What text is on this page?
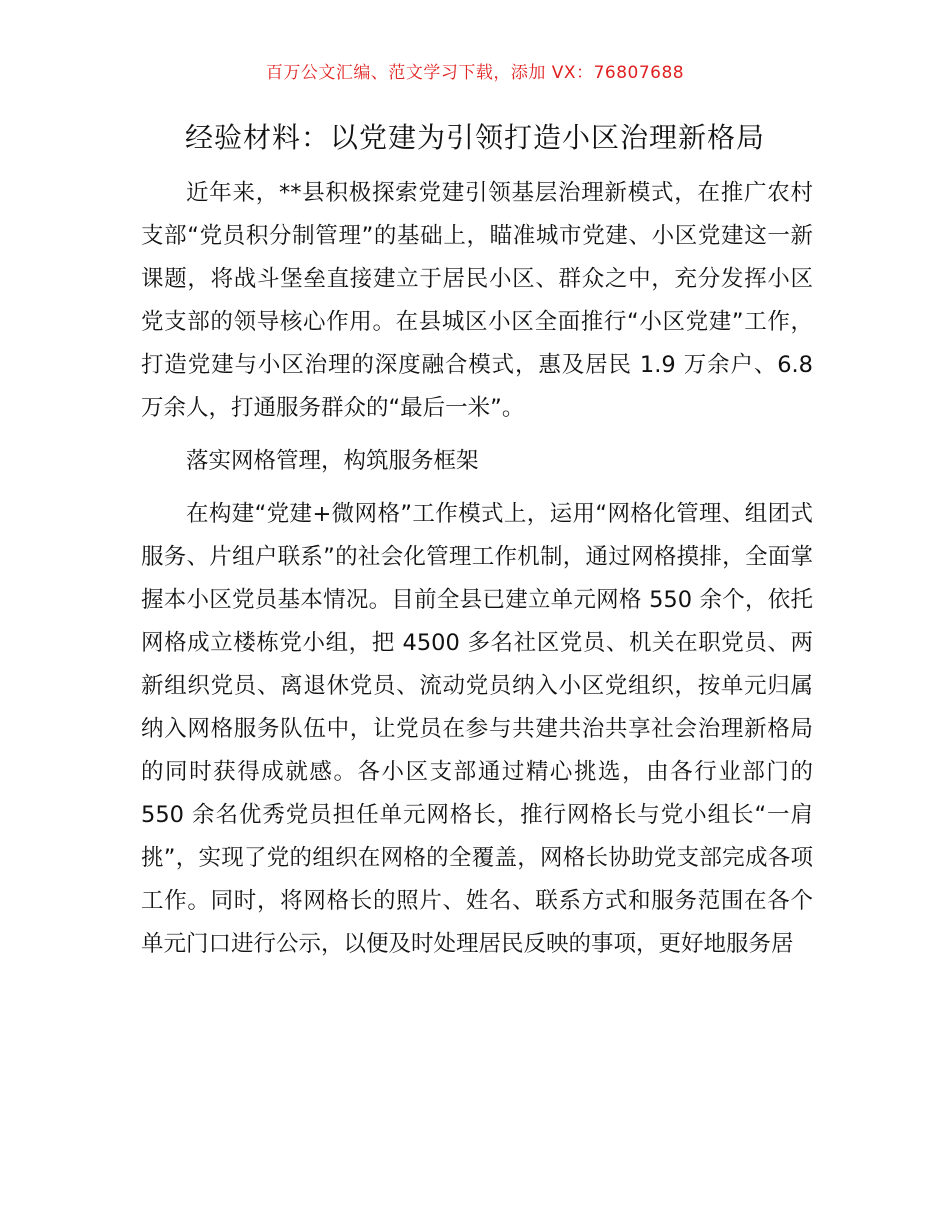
百万公文汇编、范文学习下载，添加 VX：76807688
经验材料：以党建为引领打造小区治理新格局

近年来，**县积极探索党建引领基层治理新模式，在推广农村支部“党员积分制管理”的基础上，瞄准城市党建、小区党建这一新课题，将战斗堡垒直接建立于居民小区、群众之中，充分发挥小区党支部的领导核心作用。在县城区小区全面推行“小区党建”工作，打造党建与小区治理的深度融合模式，惠及居民 1.9 万余户、6.8 万余人，打通服务群众的“最后一米”。

落实网格管理，构筑服务框架

在构建“党建+微网格”工作模式上，运用“网格化管理、组团式服务、片组户联系”的社会化管理工作机制，通过网格摸排，全面掌握本小区党员基本情况。目前全县已建立单元网格 550 余个，依托网格成立楼栋党小组，把 4500 多名社区党员、机关在职党员、两新组织党员、离退休党员、流动党员纳入小区党组织，按单元归属纳入网格服务队伍中，让党员在参与共建共治共享社会治理新格局的同时获得成就感。各小区支部通过精心挑选，由各行业部门的 550 余名优秀党员担任单元网格长，推行网格长与党小组长“一肩挑”，实现了党的组织在网格的全覆盖，网格长协助党支部完成各项工作。同时，将网格长的照片、姓名、联系方式和服务范围在各个单元门口进行公示，以便及时处理居民反映的事项，更好地服务居
